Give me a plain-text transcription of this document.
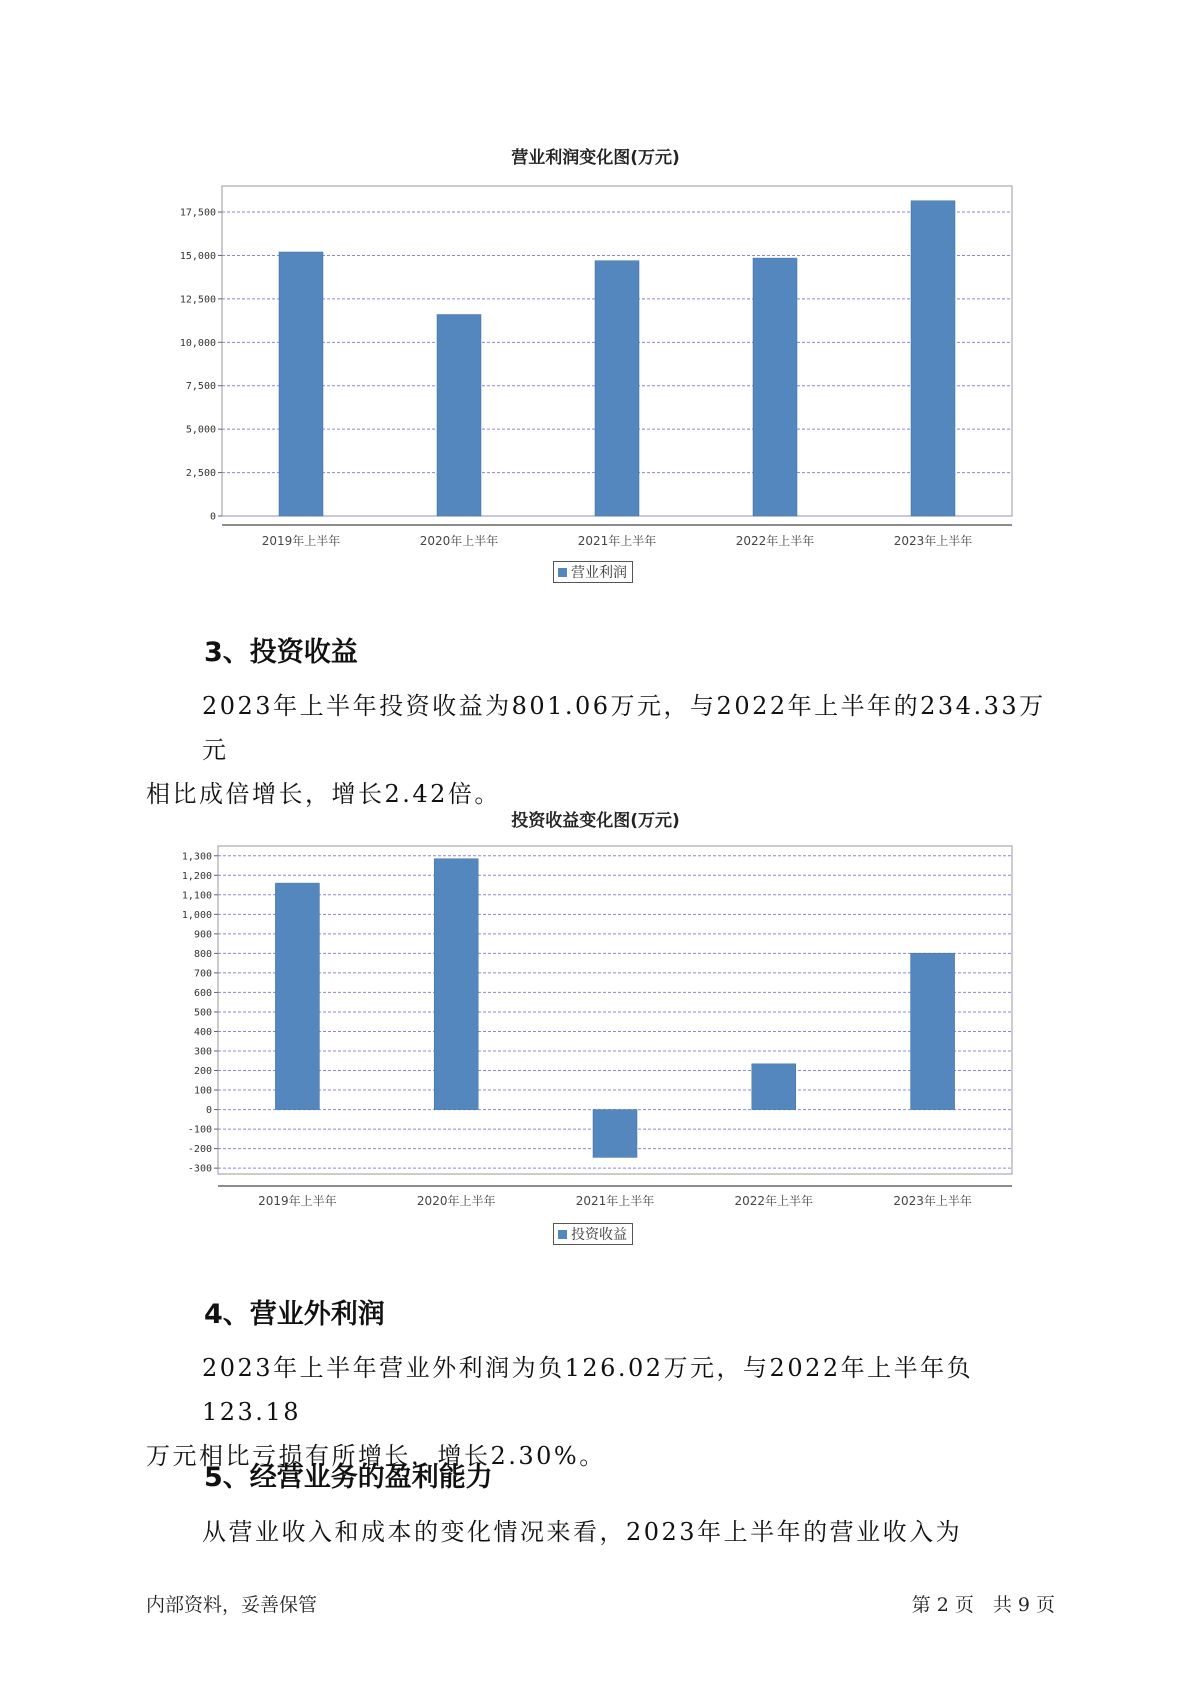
营业利润变化图(万元)
0
2,500
5,000
7,500
10,000
12,500
15,000
17,500
2019年上半年	2020年上半年	2021年上半年	2022年上半年	2023年上半年
营业利润
3、投资收益
2023年上半年投资收益为801.06万元，与2022年上半年的234.33万元
相比成倍增长，增长2.42倍。
投资收益变化图(万元)
-300
-200
-100
0
100
200
300
400
500
600
700
800
900
1,000
1,100
1,200
1,300
2019年上半年	2020年上半年	2021年上半年	2022年上半年	2023年上半年
投资收益
4、营业外利润
2023年上半年营业外利润为负126.02万元，与2022年上半年负123.18
万元相比亏损有所增长，增长2.30%。
5、经营业务的盈利能力
从营业收入和成本的变化情况来看，2023年上半年的营业收入为
内部资料，妥善保管	第 2 页　共 9 页
